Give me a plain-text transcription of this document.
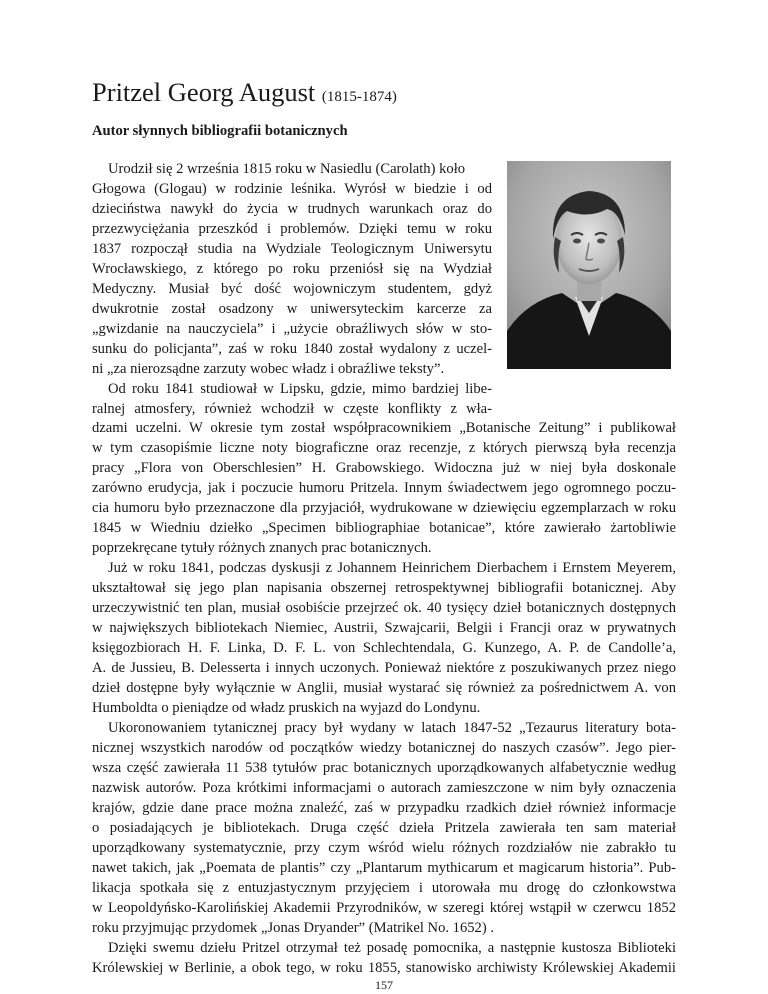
Pritzel Georg August (1815-1874)
Autor słynnych bibliografii botanicznych
Urodził się 2 września 1815 roku w Nasiedlu (Carolath) koło
Głogowa (Glogau) w rodzinie leśnika. Wyrósł w biedzie i od
dzieciństwa nawykł do życia w trudnych warunkach oraz do
przezwyciężania przeszkód i problemów. Dzięki temu w roku
1837 rozpoczął studia na Wydziale Teologicznym Uniwersytu
Wrocławskiego, z którego po roku przeniósł się na Wydział
Medyczny. Musiał być dość wojowniczym studentem, gdyż
dwukrotnie został osadzony w uniwersyteckim karcerze za
„gwizdanie na nauczyciela” i „użycie obraźliwych słów w sto-
sunku do policjanta”, zaś w roku 1840 został wydalony z uczel-
ni „za nierozsądne zarzuty wobec władz i obraźliwe teksty”.
Od roku 1841 studiował w Lipsku, gdzie, mimo bardziej libe-
ralnej atmosfery, również wchodził w częste konflikty z wła-
dzami uczelni. W okresie tym został współpracownikiem „Botanische Zeitung” i publikował
w tym czasopiśmie liczne noty biograficzne oraz recenzje, z których pierwszą była recenzja
pracy „Flora von Oberschlesien” H. Grabowskiego. Widoczna już w niej była doskonale
zarówno erudycja, jak i poczucie humoru Pritzela. Innym świadectwem jego ogromnego poczu-
cia humoru było przeznaczone dla przyjaciół, wydrukowane w dziewięciu egzemplarzach w roku
1845 w Wiedniu dziełko „Specimen bibliographiae botanicae”, które zawierało żartobliwie
poprzekręcane tytuły różnych znanych prac botanicznych.
Już w roku 1841, podczas dyskusji z Johannem Heinrichem Dierbachem i Ernstem Meyerem,
ukształtował się jego plan napisania obszernej retrospektywnej bibliografii botanicznej. Aby
urzeczywistnić ten plan, musiał osobiście przejrzeć ok. 40 tysięcy dzieł botanicznych dostępnych
w największych bibliotekach Niemiec, Austrii, Szwajcarii, Belgii i Francji oraz w prywatnych
księgozbiorach H. F. Linka, D. F. L. von Schlechtendala, G. Kunzego, A. P. de Candolle’a,
A. de Jussieu, B. Delesserta i innych uczonych. Ponieważ niektóre z poszukiwanych przez niego
dzieł dostępne były wyłącznie w Anglii, musiał wystarać się również za pośrednictwem A. von
Humboldta o pieniądze od władz pruskich na wyjazd do Londynu.
Ukoronowaniem tytanicznej pracy był wydany w latach 1847-52 „Tezaurus literatury bota-
nicznej wszystkich narodów od początków wiedzy botanicznej do naszych czasów”. Jego pier-
wsza część zawierała 11 538 tytułów prac botanicznych uporządkowanych alfabetycznie według
nazwisk autorów. Poza krótkimi informacjami o autorach zamieszczone w nim były oznaczenia
krajów, gdzie dane prace można znaleźć, zaś w przypadku rzadkich dzieł również informacje
o posiadających je bibliotekach. Druga część dzieła Pritzela zawierała ten sam materiał
uporządkowany systematycznie, przy czym wśród wielu różnych rozdziałów nie zabrakło tu
nawet takich, jak „Poemata de plantis” czy „Plantarum mythicarum et magicarum historia”. Pub-
likacja spotkała się z entuzjastycznym przyjęciem i utorowała mu drogę do członkowstwa
w Leopoldyńsko-Karolińskiej Akademii Przyrodników, w szeregi której wstąpił w czerwcu 1852
roku przyjmując przydomek „Jonas Dryander” (Matrikel No. 1652) .
Dzięki swemu dziełu Pritzel otrzymał też posadę pomocnika, a następnie kustosza Biblioteki
Królewskiej w Berlinie, a obok tego, w roku 1855, stanowisko archiwisty Królewskiej Akademii
157
